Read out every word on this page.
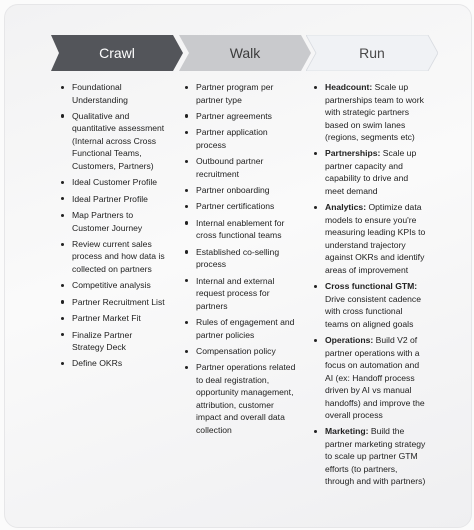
Crawl	Walk	Run
Foundational Understanding
Qualitative and quantitative assessment (Internal across Cross Functional Teams, Customers, Partners)
Ideal Customer Profile
Ideal Partner Profile
Map Partners to Customer Journey
Review current sales process and how data is collected on partners
Competitive analysis
Partner Recruitment List
Partner Market Fit
Finalize Partner Strategy Deck
Define OKRs
Partner program per partner type
Partner agreements
Partner application process
Outbound partner recruitment
Partner onboarding
Partner certifications
Internal enablement for cross functional teams
Established co-selling process
Internal and external request process for partners
Rules of engagement and partner policies
Compensation policy
Partner operations related to deal registration, opportunity management, attribution, customer impact and overall data collection
Headcount: Scale up partnerships team to work with strategic partners based on swim lanes (regions, segments etc)
Partnerships: Scale up partner capacity and capability to drive and meet demand
Analytics: Optimize data models to ensure you're measuring leading KPIs to understand trajectory against OKRs and identify areas of improvement
Cross functional GTM: Drive consistent cadence with cross functional teams on aligned goals
Operations: Build V2 of partner operations with a focus on automation and AI (ex: Handoff process driven by AI vs manual handoffs) and improve the overall process
Marketing: Build the partner marketing strategy to scale up partner GTM efforts (to partners, through and with partners)
